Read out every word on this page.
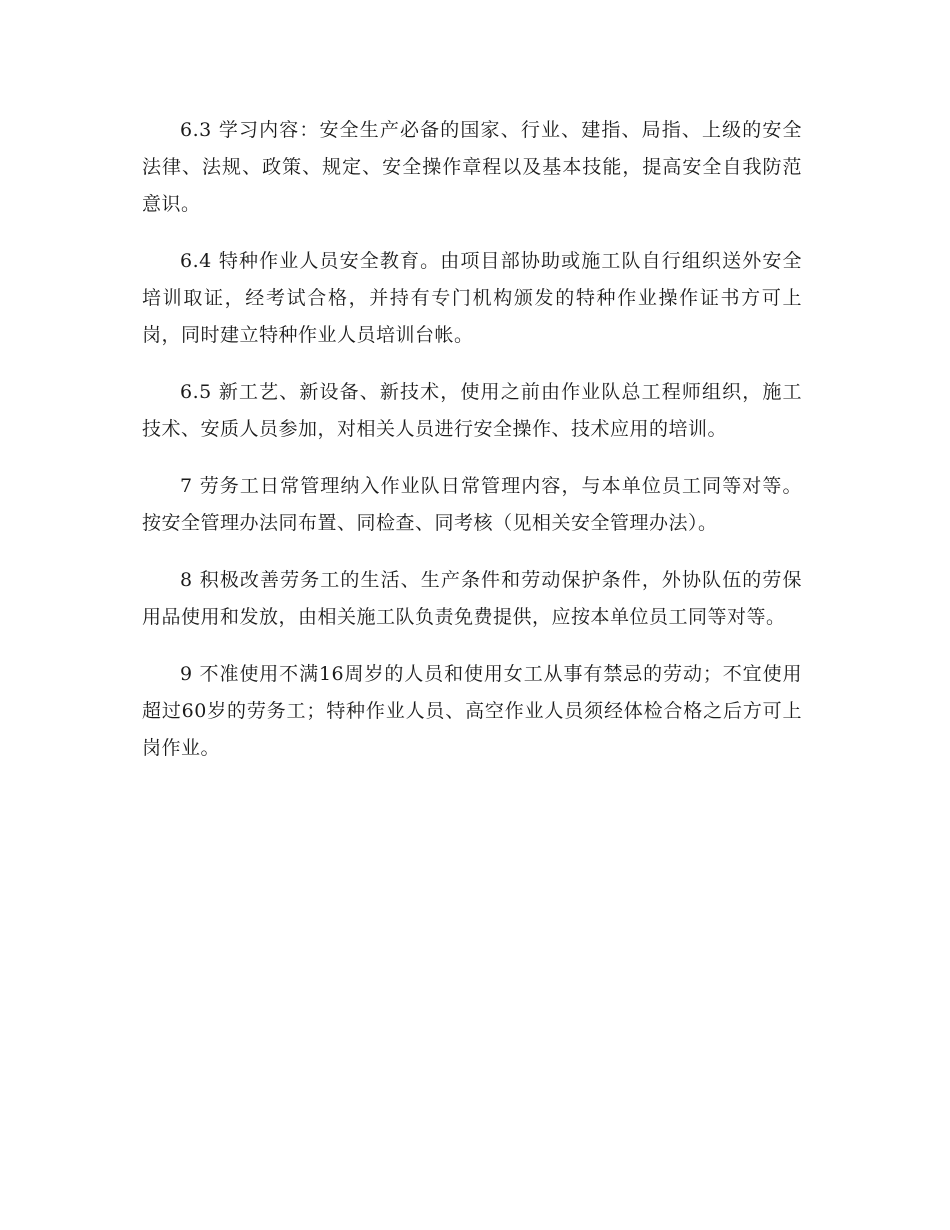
6.3 学习内容：安全生产必备的国家、行业、建指、局指、上级的安全法律、法规、政策、规定、安全操作章程以及基本技能，提高安全自我防范意识。

6.4 特种作业人员安全教育。由项目部协助或施工队自行组织送外安全培训取证，经考试合格，并持有专门机构颁发的特种作业操作证书方可上岗，同时建立特种作业人员培训台帐。

6.5 新工艺、新设备、新技术，使用之前由作业队总工程师组织，施工技术、安质人员参加，对相关人员进行安全操作、技术应用的培训。

7 劳务工日常管理纳入作业队日常管理内容，与本单位员工同等对等。按安全管理办法同布置、同检查、同考核（见相关安全管理办法）。

8 积极改善劳务工的生活、生产条件和劳动保护条件，外协队伍的劳保用品使用和发放，由相关施工队负责免费提供，应按本单位员工同等对等。

9 不准使用不满16周岁的人员和使用女工从事有禁忌的劳动；不宜使用超过60岁的劳务工；特种作业人员、高空作业人员须经体检合格之后方可上岗作业。
